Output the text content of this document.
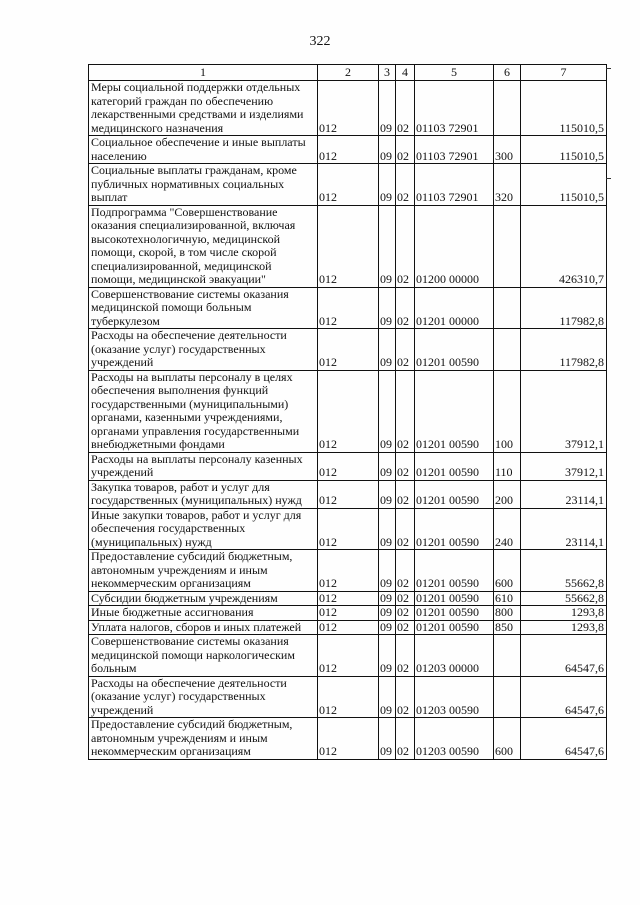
322
1	2	3	4	5	6	7
Меры социальной поддержки отдельных категорий граждан по обеспечению лекарственными средствами и изделиями медицинского назначения	012	09	02	01103 72901		115010,5
Социальное обеспечение и иные выплаты населению	012	09	02	01103 72901	300	115010,5
Социальные выплаты гражданам, кроме публичных нормативных социальных выплат	012	09	02	01103 72901	320	115010,5
Подпрограмма "Совершенствование оказания специализированной, включая высокотехнологичную, медицинской помощи, скорой, в том числе скорой специализированной, медицинской помощи, медицинской эвакуации"	012	09	02	01200 00000		426310,7
Совершенствование системы оказания медицинской помощи больным туберкулезом	012	09	02	01201 00000		117982,8
Расходы на обеспечение деятельности (оказание услуг) государственных учреждений	012	09	02	01201 00590		117982,8
Расходы на выплаты персоналу в целях обеспечения выполнения функций государственными (муниципальными) органами, казенными учреждениями, органами управления государственными внебюджетными фондами	012	09	02	01201 00590	100	37912,1
Расходы на выплаты персоналу казенных учреждений	012	09	02	01201 00590	110	37912,1
Закупка товаров, работ и услуг для государственных (муниципальных) нужд	012	09	02	01201 00590	200	23114,1
Иные закупки товаров, работ и услуг для обеспечения государственных (муниципальных) нужд	012	09	02	01201 00590	240	23114,1
Предоставление субсидий бюджетным, автономным учреждениям и иным некоммерческим организациям	012	09	02	01201 00590	600	55662,8
Субсидии бюджетным учреждениям	012	09	02	01201 00590	610	55662,8
Иные бюджетные ассигнования	012	09	02	01201 00590	800	1293,8
Уплата налогов, сборов и иных платежей	012	09	02	01201 00590	850	1293,8
Совершенствование системы оказания медицинской помощи наркологическим больным	012	09	02	01203 00000		64547,6
Расходы на обеспечение деятельности (оказание услуг) государственных учреждений	012	09	02	01203 00590		64547,6
Предоставление субсидий бюджетным, автономным учреждениям и иным некоммерческим организациям	012	09	02	01203 00590	600	64547,6
